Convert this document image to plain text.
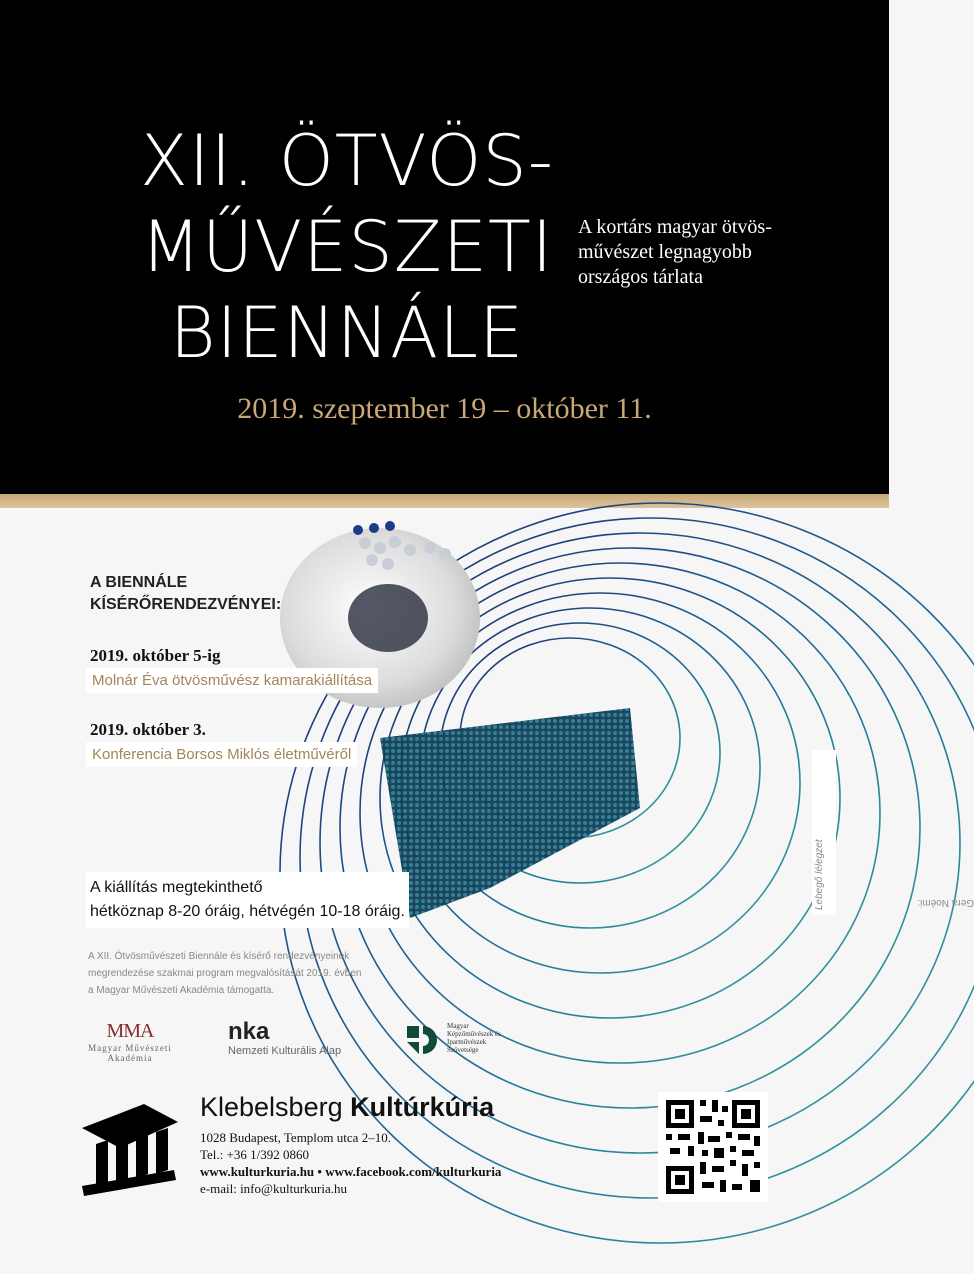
XII. ÖTVÖS-
MŰVÉSZETI
BIENNÁLE
A kortárs magyar ötvös-
művészet legnagyobb
országos tárlata
2019. szeptember 19 – október 11.
A BIENNÁLE
KÍSÉRŐRENDEZVÉNYEI:
2019. október 5-ig
Molnár Éva ötvösművész kamarakiállítása
2019. október 3.
Konferencia Borsos Miklós életművéről
A kiállítás megtekinthető
hétköznap 8-20 óráig, hétvégén 10-18 óráig.
A XII. Ötvösművészeti Biennále és kísérő rendezvényeinek
megrendezése szakmai program megvalósítását 2019. évben
a Magyar Művészeti Akadémia támogatta.
Gera Noémi:
Lebegő lélegzet
MMA
Magyar Művészeti
Akadémia
nka
Nemzeti Kulturális Alap
Magyar
Képzőművészek és
Iparművészek
Szövetsége
Klebelsberg Kultúrkúria
1028 Budapest, Templom utca 2–10.
Tel.: +36 1/392 0860
www.kulturkuria.hu • www.facebook.com/kulturkuria
e-mail: info@kulturkuria.hu
